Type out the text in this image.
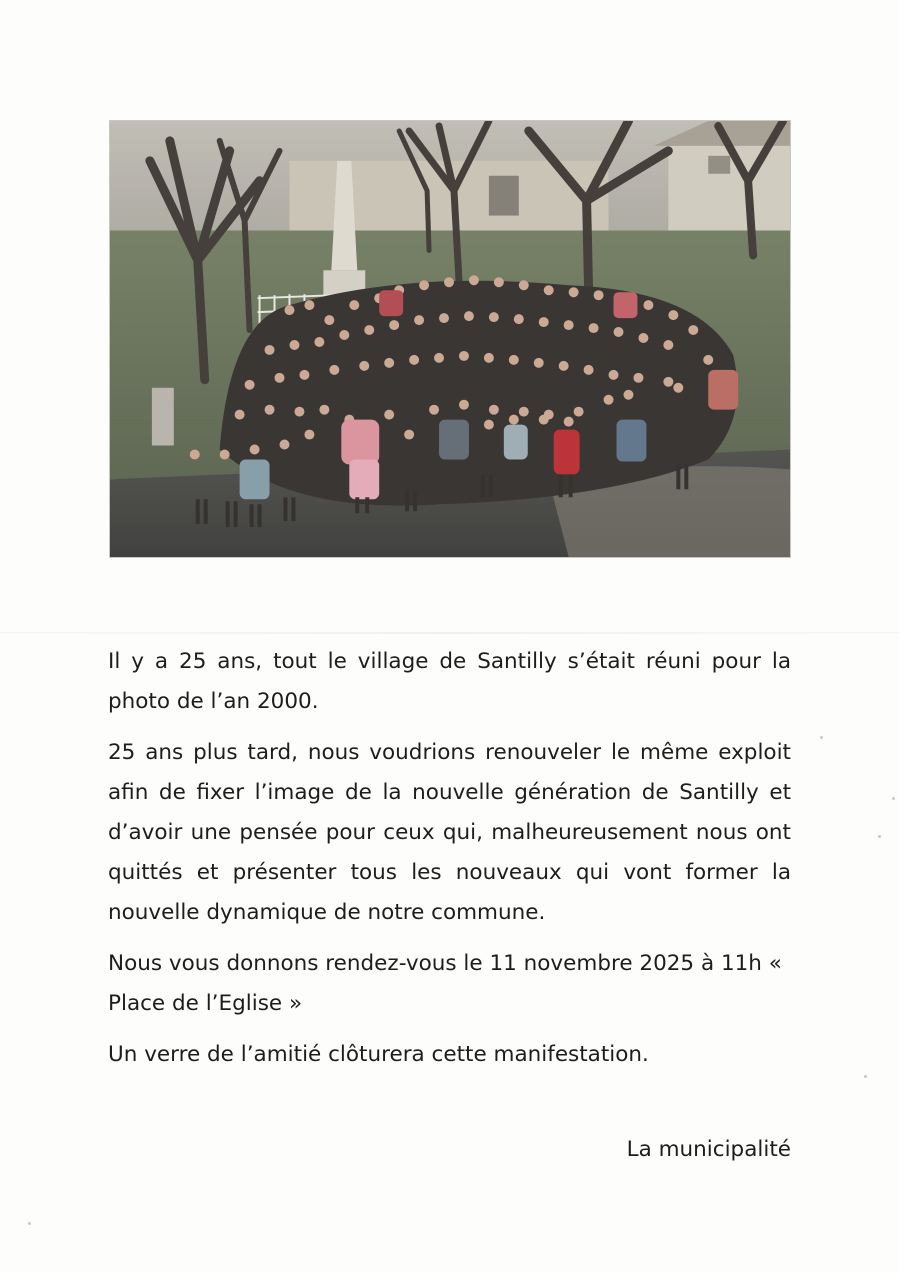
Il y a 25 ans, tout le village de Santilly s’était réuni pour la photo de l’an 2000.

25 ans plus tard, nous voudrions renouveler le même exploit afin de fixer l’image de la nouvelle génération de Santilly et d’avoir une pensée pour ceux qui, malheureusement nous ont quittés et présenter tous les nouveaux qui vont former la nouvelle dynamique de notre commune.

Nous vous donnons rendez-vous le 11 novembre 2025 à 11h « Place de l’Eglise »

Un verre de l’amitié clôturera cette manifestation.

La municipalité
